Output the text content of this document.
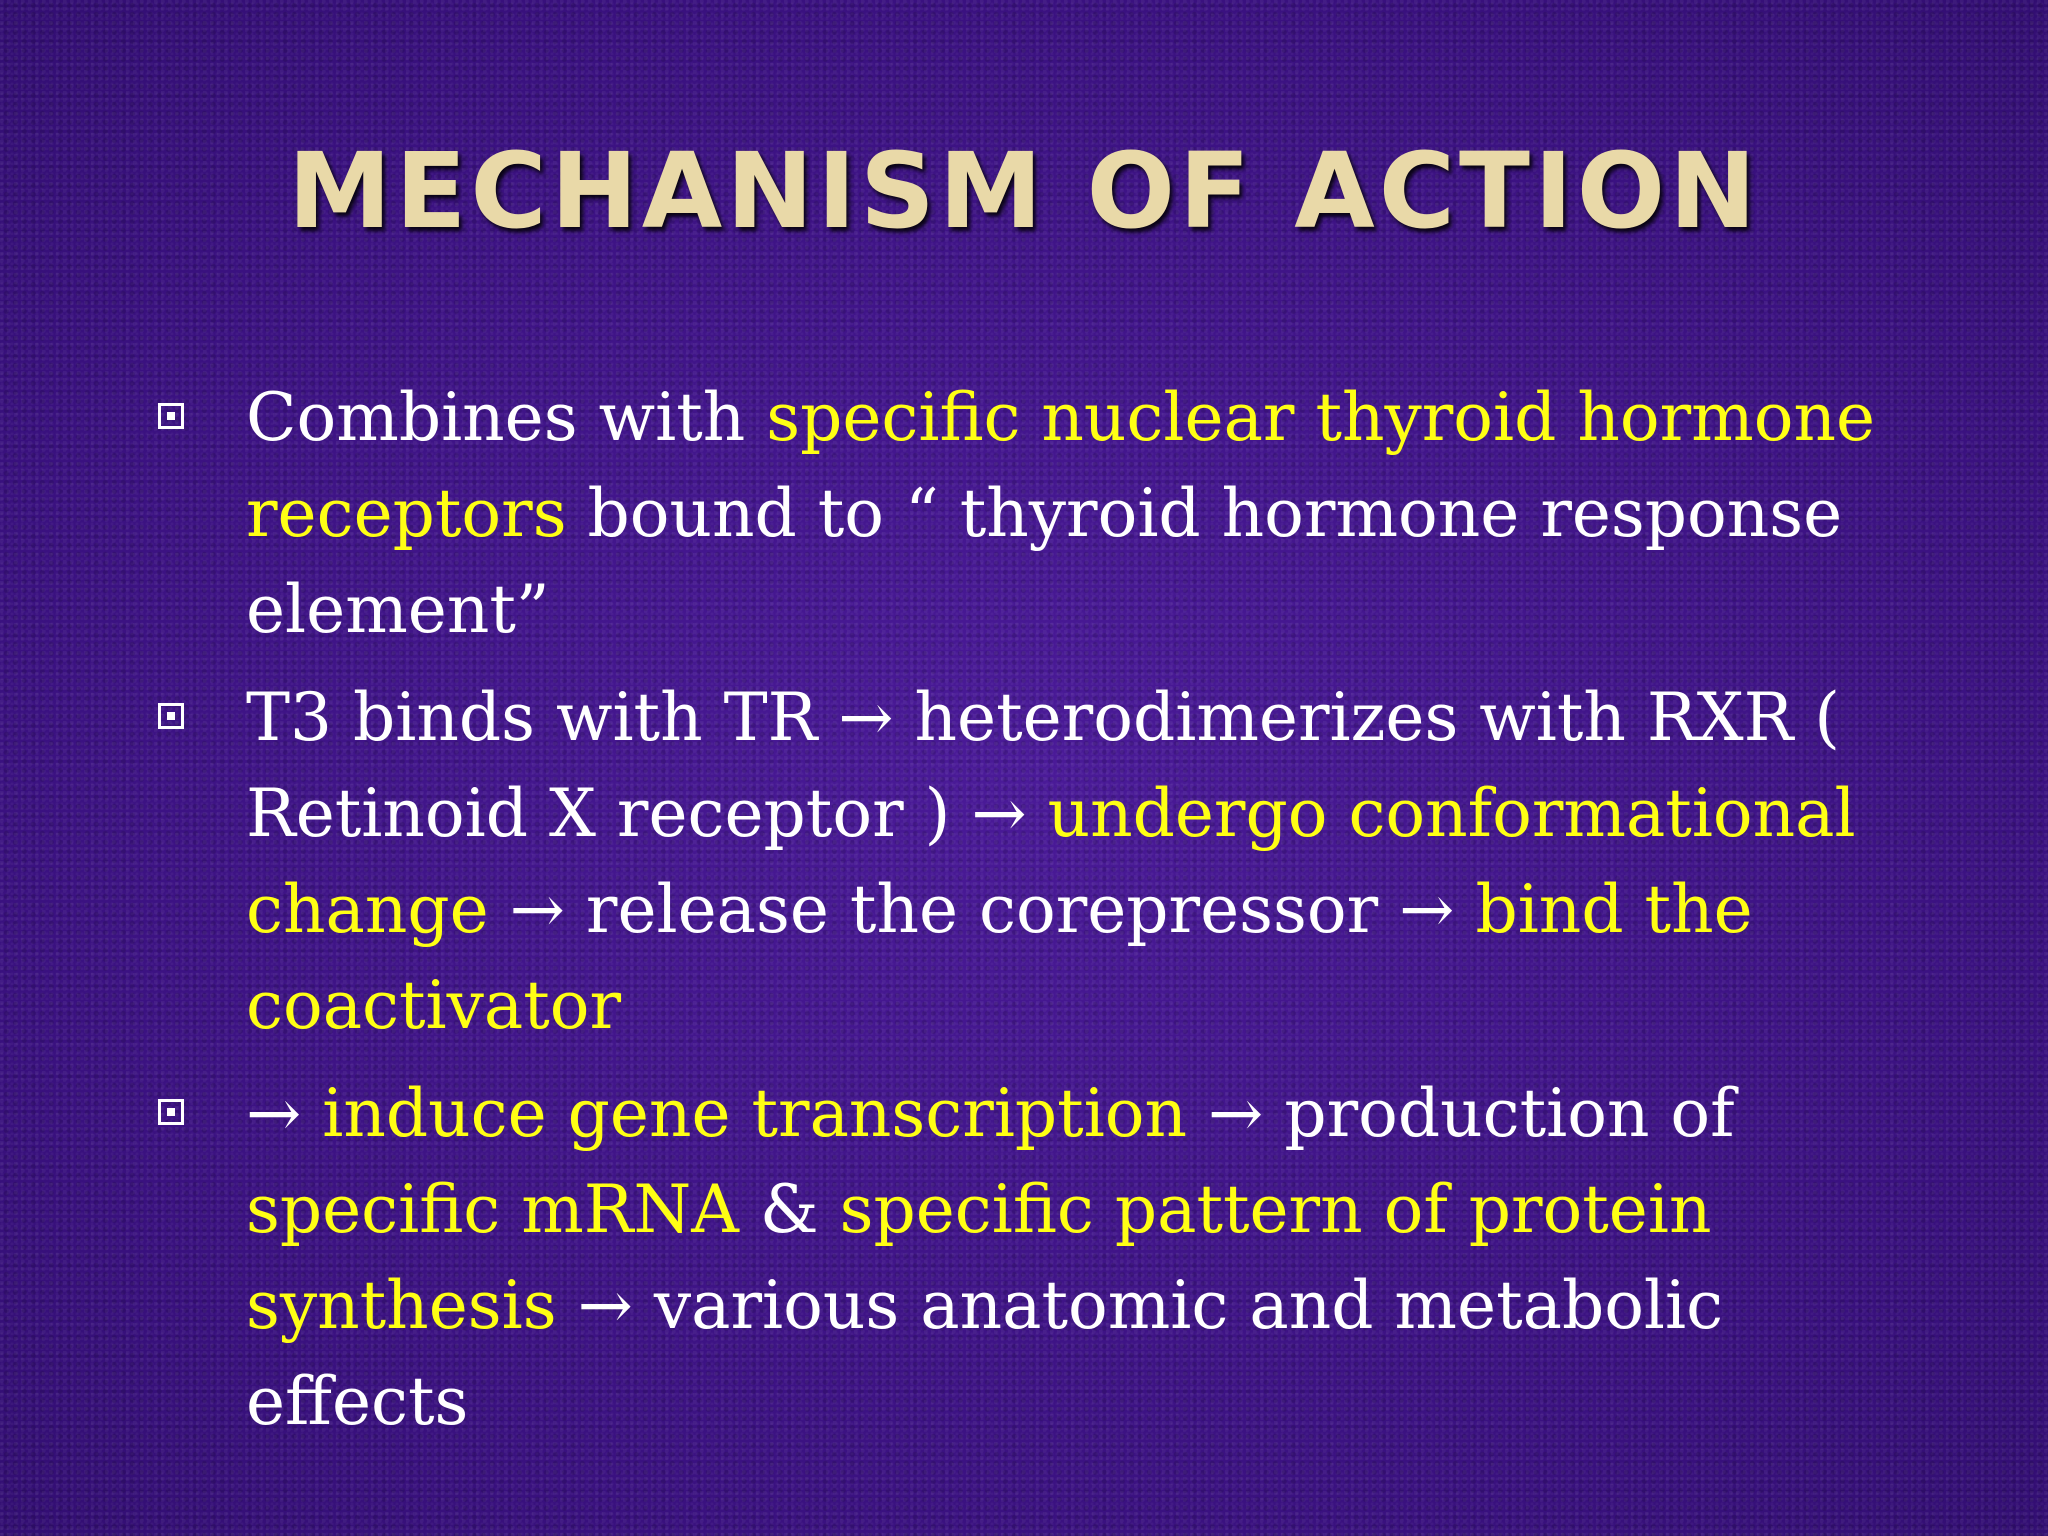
MECHANISM OF ACTION
Combines with specific nuclear thyroid hormone receptors bound to “ thyroid hormone response element”
T3 binds with TR → heterodimerizes with RXR ( Retinoid X receptor ) → undergo conformational change → release the corepressor → bind the coactivator
→ induce gene transcription → production of specific mRNA & specific pattern of protein synthesis → various anatomic and metabolic effects
